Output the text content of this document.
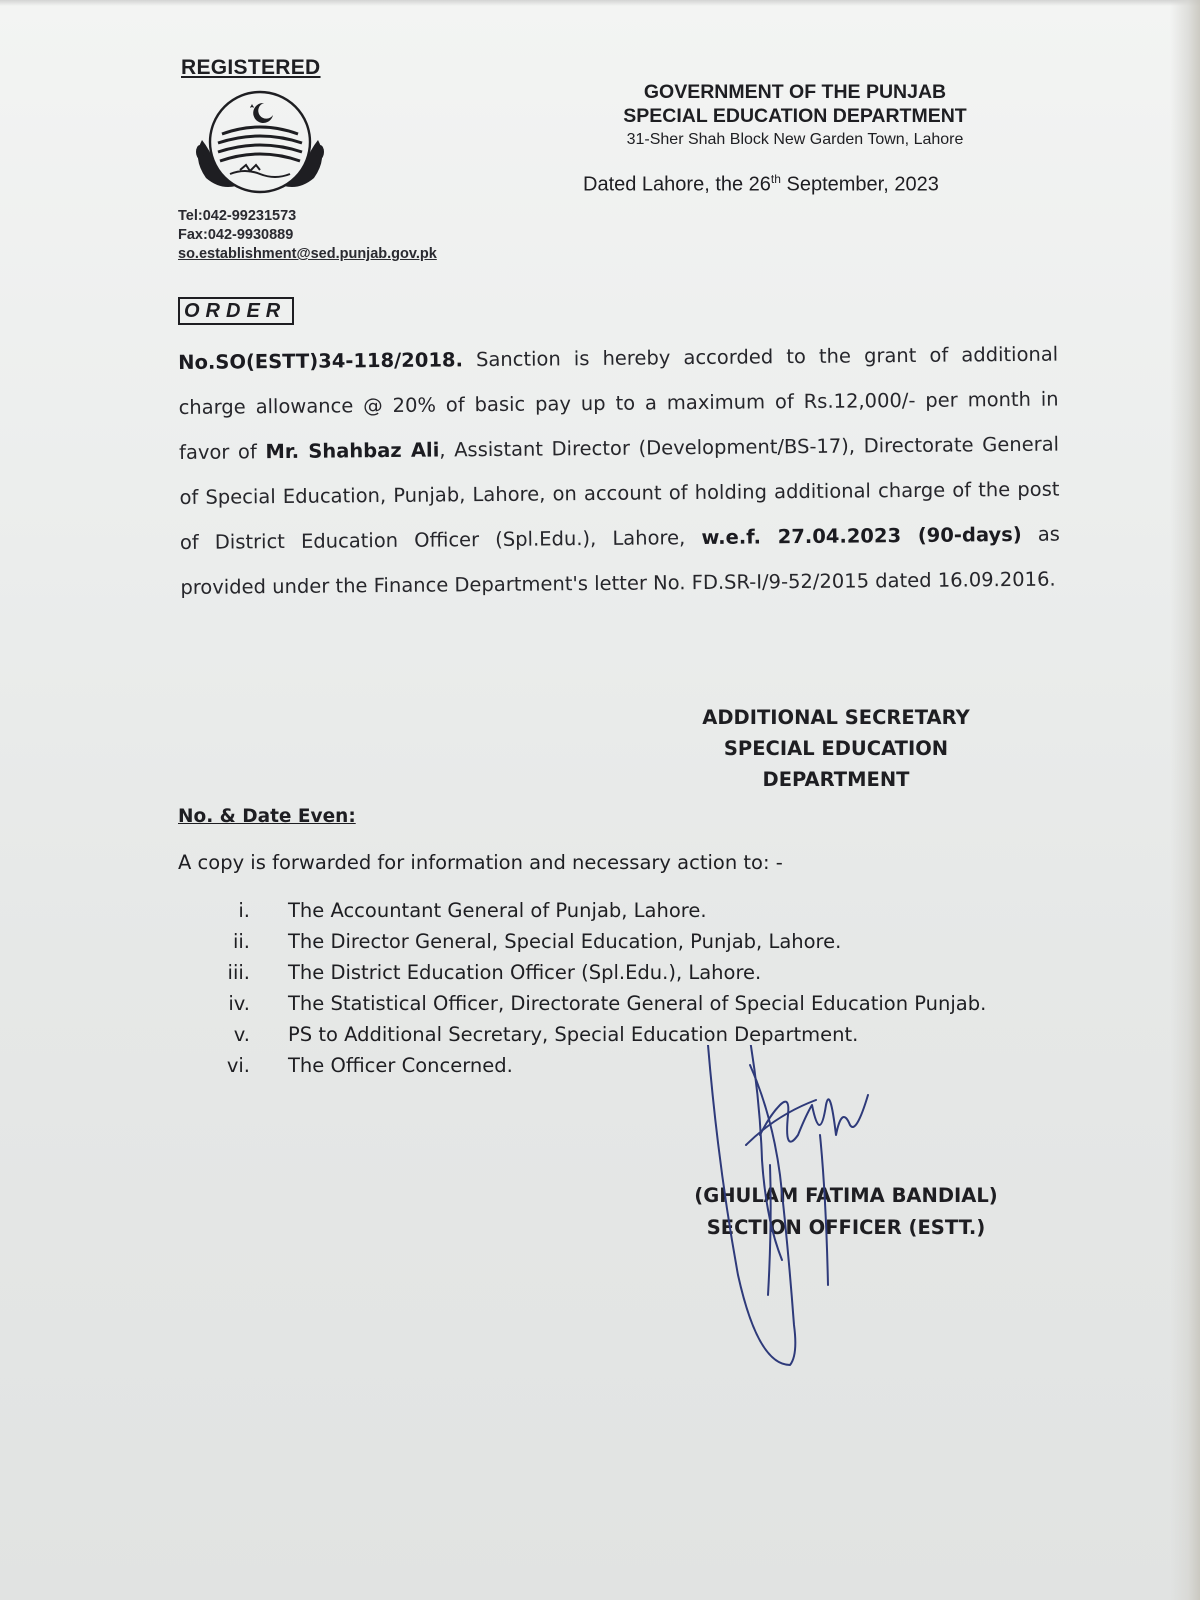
REGISTERED
Tel:042-99231573
Fax:042-9930889
so.establishment@sed.punjab.gov.pk
GOVERNMENT OF THE PUNJAB
SPECIAL EDUCATION DEPARTMENT
31-Sher Shah Block New Garden Town, Lahore
Dated Lahore, the 26th September, 2023
ORDER
No.SO(ESTT)34-118/2018. Sanction is hereby accorded to the grant of additional charge allowance @ 20% of basic pay up to a maximum of Rs.12,000/- per month in favor of Mr. Shahbaz Ali, Assistant Director (Development/BS-17), Directorate General of Special Education, Punjab, Lahore, on account of holding additional charge of the post of District Education Officer (Spl.Edu.), Lahore, w.e.f. 27.04.2023 (90-days) as provided under the Finance Department's letter No. FD.SR-I/9-52/2015 dated 16.09.2016.
ADDITIONAL SECRETARY
SPECIAL EDUCATION
DEPARTMENT
No. & Date Even:
A copy is forwarded for information and necessary action to: -
i.	The Accountant General of Punjab, Lahore.
ii.	The Director General, Special Education, Punjab, Lahore.
iii.	The District Education Officer (Spl.Edu.), Lahore.
iv.	The Statistical Officer, Directorate General of Special Education Punjab.
v.	PS to Additional Secretary, Special Education Department.
vi.	The Officer Concerned.
(GHULAM FATIMA BANDIAL)
SECTION OFFICER (ESTT.)
